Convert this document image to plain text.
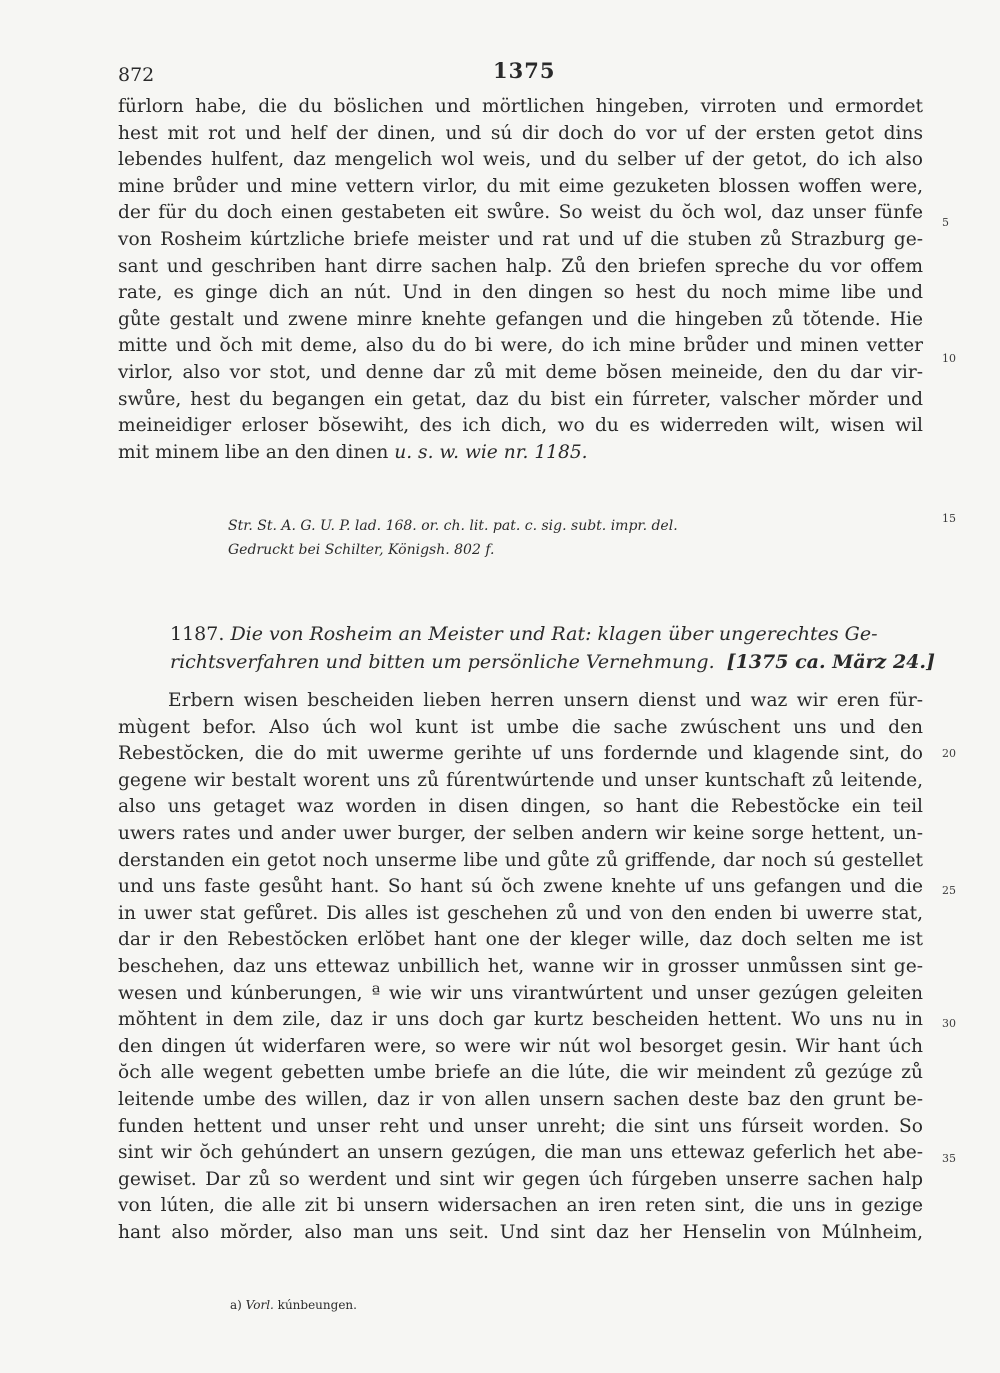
872	1375
fürlorn habe, die du böslichen und mörtlichen hingeben, virroten und ermordet
hest mit rot und helf der dinen, und sú dir doch do vor uf der ersten getot dins
lebendes hulfent, daz mengelich wol weis, und du selber uf der getot, do ich also
mine brůder und mine vettern virlor, du mit eime gezuketen blossen woffen were,
der für du doch einen gestabeten eit swůre. So weist du ŏch wol, daz unser fünfe
von Rosheim kúrtzliche briefe meister und rat und uf die stuben zů Strazburg ge-
sant und geschriben hant dirre sachen halp. Zů den briefen spreche du vor offem
rate, es ginge dich an nút. Und in den dingen so hest du noch mime libe und
gůte gestalt und zwene minre knehte gefangen und die hingeben zů tŏtende. Hie
mitte und ŏch mit deme, also du do bi were, do ich mine brůder und minen vetter
virlor, also vor stot, und denne dar zů mit deme bŏsen meineide, den du dar vir-
swůre, hest du begangen ein getat, daz du bist ein fúrreter, valscher mŏrder und
meineidiger erloser bŏsewiht, des ich dich, wo du es widerreden wilt, wisen wil
mit minem libe an den dinen u. s. w. wie nr. 1185.
Str. St. A. G. U. P. lad. 168. or. ch. lit. pat. c. sig. subt. impr. del.
Gedruckt bei Schilter, Königsh. 802 f.
1187. Die von Rosheim an Meister und Rat: klagen über ungerechtes Ge-
richtsverfahren und bitten um persönliche Vernehmung. [1375 ca. März 24.]
Erbern wisen bescheiden lieben herren unsern dienst und waz wir eren für-
mùgent befor. Also úch wol kunt ist umbe die sache zwúschent uns und den
Rebestŏcken, die do mit uwerme gerihte uf uns fordernde und klagende sint, do
gegene wir bestalt worent uns zů fúrentwúrtende und unser kuntschaft zů leitende,
also uns getaget waz worden in disen dingen, so hant die Rebestŏcke ein teil
uwers rates und ander uwer burger, der selben andern wir keine sorge hettent, un-
derstanden ein getot noch unserme libe und gůte zů griffende, dar noch sú gestellet
und uns faste gesůht hant. So hant sú ŏch zwene knehte uf uns gefangen und die
in uwer stat gefůret. Dis alles ist geschehen zů und von den enden bi uwerre stat,
dar ir den Rebestŏcken erlŏbet hant one der kleger wille, daz doch selten me ist
beschehen, daz uns ettewaz unbillich het, wanne wir in grosser unmůssen sint ge-
wesen und kúnberungen, ª wie wir uns virantwúrtent und unser gezúgen geleiten
mŏhtent in dem zile, daz ir uns doch gar kurtz bescheiden hettent. Wo uns nu in
den dingen út widerfaren were, so were wir nút wol besorget gesin. Wir hant úch
ŏch alle wegent gebetten umbe briefe an die lúte, die wir meindent zů gezúge zů
leitende umbe des willen, daz ir von allen unsern sachen deste baz den grunt be-
funden hettent und unser reht und unser unreht; die sint uns fúrseit worden. So
sint wir ŏch gehúndert an unsern gezúgen, die man uns ettewaz geferlich het abe-
gewiset. Dar zů so werdent und sint wir gegen úch fúrgeben unserre sachen halp
von lúten, die alle zit bi unsern widersachen an iren reten sint, die uns in gezige
hant also mŏrder, also man uns seit. Und sint daz her Henselin von Múlnheim,
5
10
15
20
25
30
35
a) Vorl. kúnbeungen.
